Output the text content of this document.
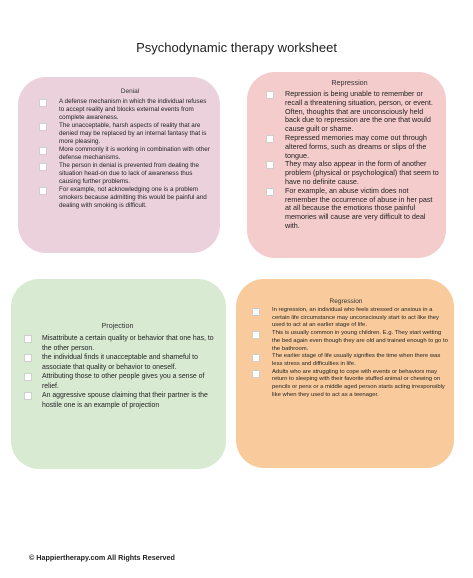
Psychodynamic therapy worksheet
Denial
A defense mechanism in which the individual refuses to accept reality and blocks external events from complete awareness.
The unacceptable, harsh aspects of reality that are denied may be replaced by an internal fantasy that is more pleasing.
More commonly it is working in combination with other defense mechanisms.
The person in denial is prevented from dealing the situation head-on due to lack of awareness thus causing further problems.
For example, not acknowledging one is a problem smokers because admitting this would be painful and dealing with smoking is difficult.
Repression
Repression is being unable to remember or recall a threatening situation, person, or event. Often, thoughts that are unconsciously held back due to repression are the one that would cause guilt or shame.
Repressed memories may come out through altered forms, such as dreams or slips of the tongue.
They may also appear in the form of another problem (physical or psychological) that seem to have no definite cause.
For example, an abuse victim does not remember the occurrence of abuse in her past at all because the emotions those painful memories will cause are very difficult to deal with.
Projection
Misattribute a certain quality or behavior that one has, to the other person.
the individual finds it unacceptable and shameful to associate that quality or behavior to oneself.
Attributing those to other people gives you a sense of relief.
An aggressive spouse claiming that their partner is the hostile one is an example of projection
Regression
In regression, an individual who feels stressed or anxious in a certain life circumstance may unconsciously start to act like they used to act at an earlier stage of life.
This is usually common in young children. E.g. They start wetting the bed again even though they are old and trained enough to go to the bathroom.
The earlier stage of life usually signifies the time when there was less stress and difficulties in life.
Adults who are struggling to cope with events or behaviors may return to sleeping with their favorite stuffed animal or chewing on pencils or pens or a middle aged person starts acting irresponsibly like when they used to act as a teenager.
© Happiertherapy.com All Rights Reserved
